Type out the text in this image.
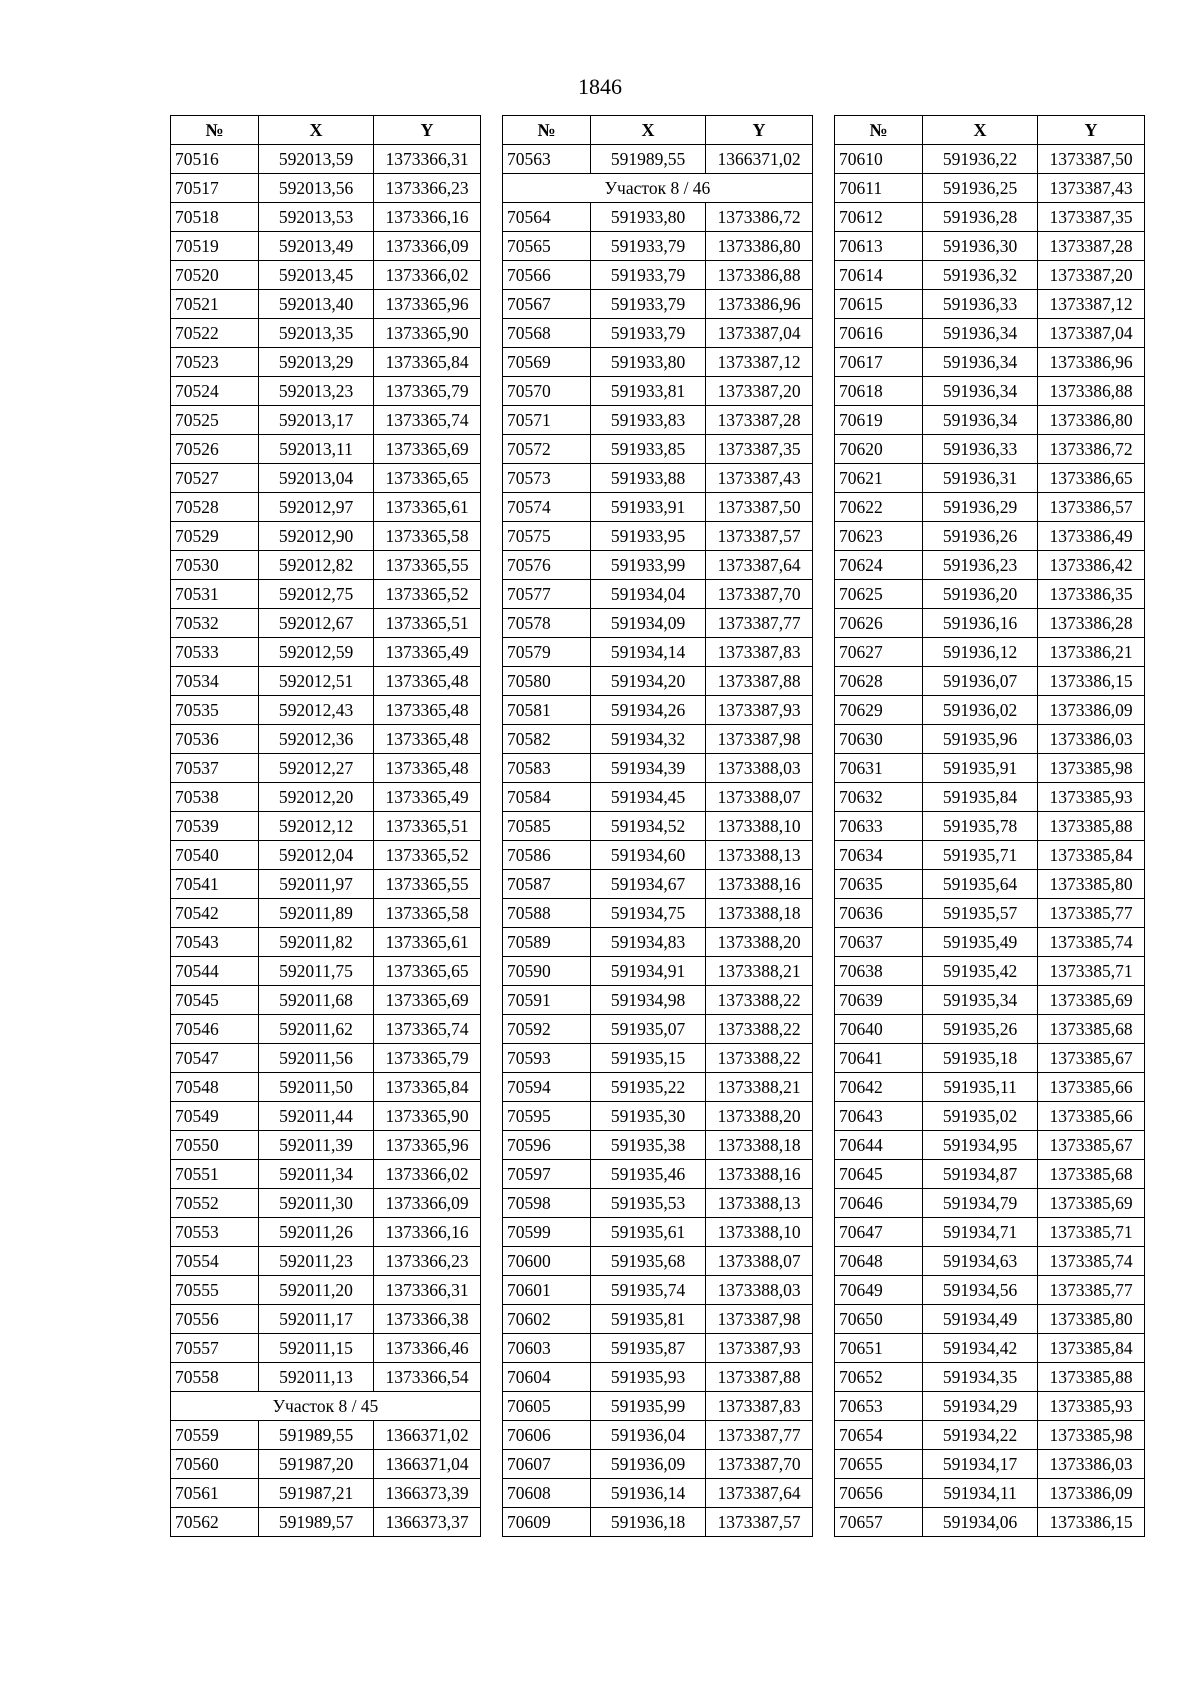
1846
№	X	Y
70516	592013,59	1373366,31
70517	592013,56	1373366,23
70518	592013,53	1373366,16
70519	592013,49	1373366,09
70520	592013,45	1373366,02
70521	592013,40	1373365,96
70522	592013,35	1373365,90
70523	592013,29	1373365,84
70524	592013,23	1373365,79
70525	592013,17	1373365,74
70526	592013,11	1373365,69
70527	592013,04	1373365,65
70528	592012,97	1373365,61
70529	592012,90	1373365,58
70530	592012,82	1373365,55
70531	592012,75	1373365,52
70532	592012,67	1373365,51
70533	592012,59	1373365,49
70534	592012,51	1373365,48
70535	592012,43	1373365,48
70536	592012,36	1373365,48
70537	592012,27	1373365,48
70538	592012,20	1373365,49
70539	592012,12	1373365,51
70540	592012,04	1373365,52
70541	592011,97	1373365,55
70542	592011,89	1373365,58
70543	592011,82	1373365,61
70544	592011,75	1373365,65
70545	592011,68	1373365,69
70546	592011,62	1373365,74
70547	592011,56	1373365,79
70548	592011,50	1373365,84
70549	592011,44	1373365,90
70550	592011,39	1373365,96
70551	592011,34	1373366,02
70552	592011,30	1373366,09
70553	592011,26	1373366,16
70554	592011,23	1373366,23
70555	592011,20	1373366,31
70556	592011,17	1373366,38
70557	592011,15	1373366,46
70558	592011,13	1373366,54
Участок 8 / 45		
70559	591989,55	1366371,02
70560	591987,20	1366371,04
70561	591987,21	1366373,39
70562	591989,57	1366373,37
№	X	Y
70563	591989,55	1366371,02
Участок 8 / 46		
70564	591933,80	1373386,72
70565	591933,79	1373386,80
70566	591933,79	1373386,88
70567	591933,79	1373386,96
70568	591933,79	1373387,04
70569	591933,80	1373387,12
70570	591933,81	1373387,20
70571	591933,83	1373387,28
70572	591933,85	1373387,35
70573	591933,88	1373387,43
70574	591933,91	1373387,50
70575	591933,95	1373387,57
70576	591933,99	1373387,64
70577	591934,04	1373387,70
70578	591934,09	1373387,77
70579	591934,14	1373387,83
70580	591934,20	1373387,88
70581	591934,26	1373387,93
70582	591934,32	1373387,98
70583	591934,39	1373388,03
70584	591934,45	1373388,07
70585	591934,52	1373388,10
70586	591934,60	1373388,13
70587	591934,67	1373388,16
70588	591934,75	1373388,18
70589	591934,83	1373388,20
70590	591934,91	1373388,21
70591	591934,98	1373388,22
70592	591935,07	1373388,22
70593	591935,15	1373388,22
70594	591935,22	1373388,21
70595	591935,30	1373388,20
70596	591935,38	1373388,18
70597	591935,46	1373388,16
70598	591935,53	1373388,13
70599	591935,61	1373388,10
70600	591935,68	1373388,07
70601	591935,74	1373388,03
70602	591935,81	1373387,98
70603	591935,87	1373387,93
70604	591935,93	1373387,88
70605	591935,99	1373387,83
70606	591936,04	1373387,77
70607	591936,09	1373387,70
70608	591936,14	1373387,64
70609	591936,18	1373387,57
№	X	Y
70610	591936,22	1373387,50
70611	591936,25	1373387,43
70612	591936,28	1373387,35
70613	591936,30	1373387,28
70614	591936,32	1373387,20
70615	591936,33	1373387,12
70616	591936,34	1373387,04
70617	591936,34	1373386,96
70618	591936,34	1373386,88
70619	591936,34	1373386,80
70620	591936,33	1373386,72
70621	591936,31	1373386,65
70622	591936,29	1373386,57
70623	591936,26	1373386,49
70624	591936,23	1373386,42
70625	591936,20	1373386,35
70626	591936,16	1373386,28
70627	591936,12	1373386,21
70628	591936,07	1373386,15
70629	591936,02	1373386,09
70630	591935,96	1373386,03
70631	591935,91	1373385,98
70632	591935,84	1373385,93
70633	591935,78	1373385,88
70634	591935,71	1373385,84
70635	591935,64	1373385,80
70636	591935,57	1373385,77
70637	591935,49	1373385,74
70638	591935,42	1373385,71
70639	591935,34	1373385,69
70640	591935,26	1373385,68
70641	591935,18	1373385,67
70642	591935,11	1373385,66
70643	591935,02	1373385,66
70644	591934,95	1373385,67
70645	591934,87	1373385,68
70646	591934,79	1373385,69
70647	591934,71	1373385,71
70648	591934,63	1373385,74
70649	591934,56	1373385,77
70650	591934,49	1373385,80
70651	591934,42	1373385,84
70652	591934,35	1373385,88
70653	591934,29	1373385,93
70654	591934,22	1373385,98
70655	591934,17	1373386,03
70656	591934,11	1373386,09
70657	591934,06	1373386,15
